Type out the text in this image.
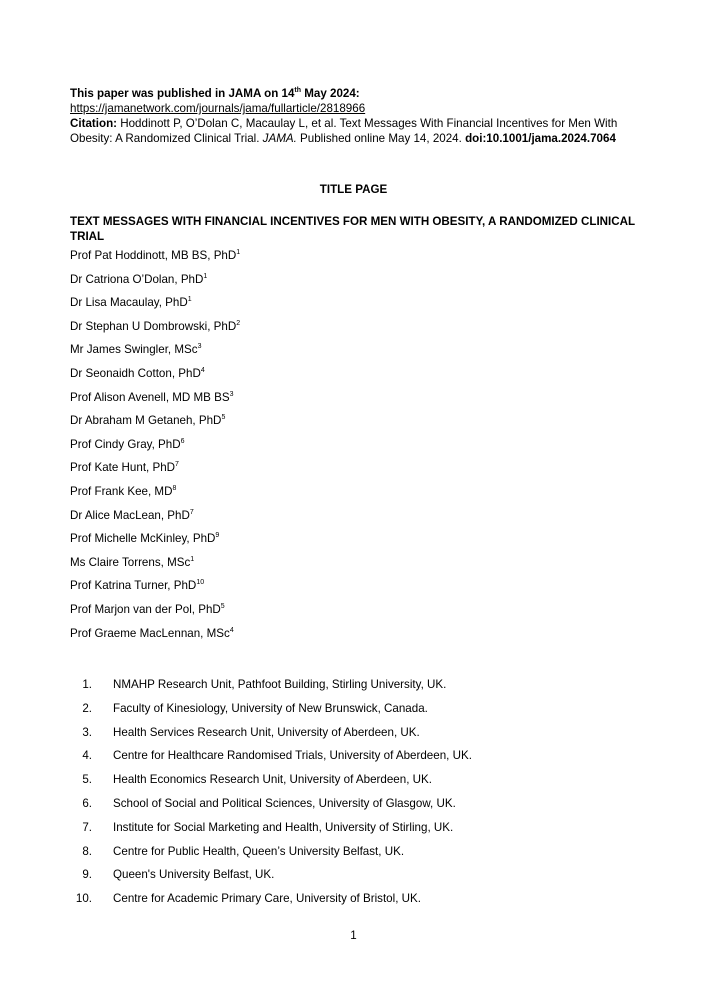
This paper was published in JAMA on 14th May 2024:

https://jamanetwork.com/journals/jama/fullarticle/2818966

Citation: Hoddinott P, O’Dolan C, Macaulay L, et al. Text Messages With Financial Incentives for Men With Obesity: A Randomized Clinical Trial. JAMA. Published online May 14, 2024. doi:10.1001/jama.2024.7064

TITLE PAGE
TEXT MESSAGES WITH FINANCIAL INCENTIVES FOR MEN WITH OBESITY, A RANDOMIZED CLINICAL TRIAL
Prof Pat Hoddinott, MB BS, PhD$^1$
Dr Catriona O’Dolan, PhD$^1$
Dr Lisa Macaulay, PhD$^1$
Dr Stephan U Dombrowski, PhD$^2$
Mr James Swingler, MSc$^3$
Dr Seonaidh Cotton, PhD$^4$
Prof Alison Avenell, MD MB $BS^3$
Dr Abraham M Getaneh, PhD$^5$
Prof Cindy Gray, PhD$^6$
Prof Kate Hunt, PhD$^7$
Prof Frank Kee, $MD^8$
Dr Alice MacLean, PhD$^7$
Prof Michelle McKinley, PhD$^9$
Ms Claire Torrens, MSc$^1$
Prof Katrina Turner, PhD$^{10}$
Prof Marjon van der Pol, PhD$^5$
Prof Graeme MacLennan, MSc$^4$
1. NMAHP Research Unit, Pathfoot Building, Stirling University, UK.
2. Faculty of Kinesiology, University of New Brunswick, Canada.
3. Health Services Research Unit, University of Aberdeen, UK.
4. Centre for Healthcare Randomised Trials, University of Aberdeen, UK.
5. Health Economics Research Unit, University of Aberdeen, UK.
6. School of Social and Political Sciences, University of Glasgow, UK.
7. Institute for Social Marketing and Health, University of Stirling, UK.
8. Centre for Public Health, Queen’s University Belfast, UK.
9. Queen's University Belfast, UK.
10. Centre for Academic Primary Care, University of Bristol, UK.
1
